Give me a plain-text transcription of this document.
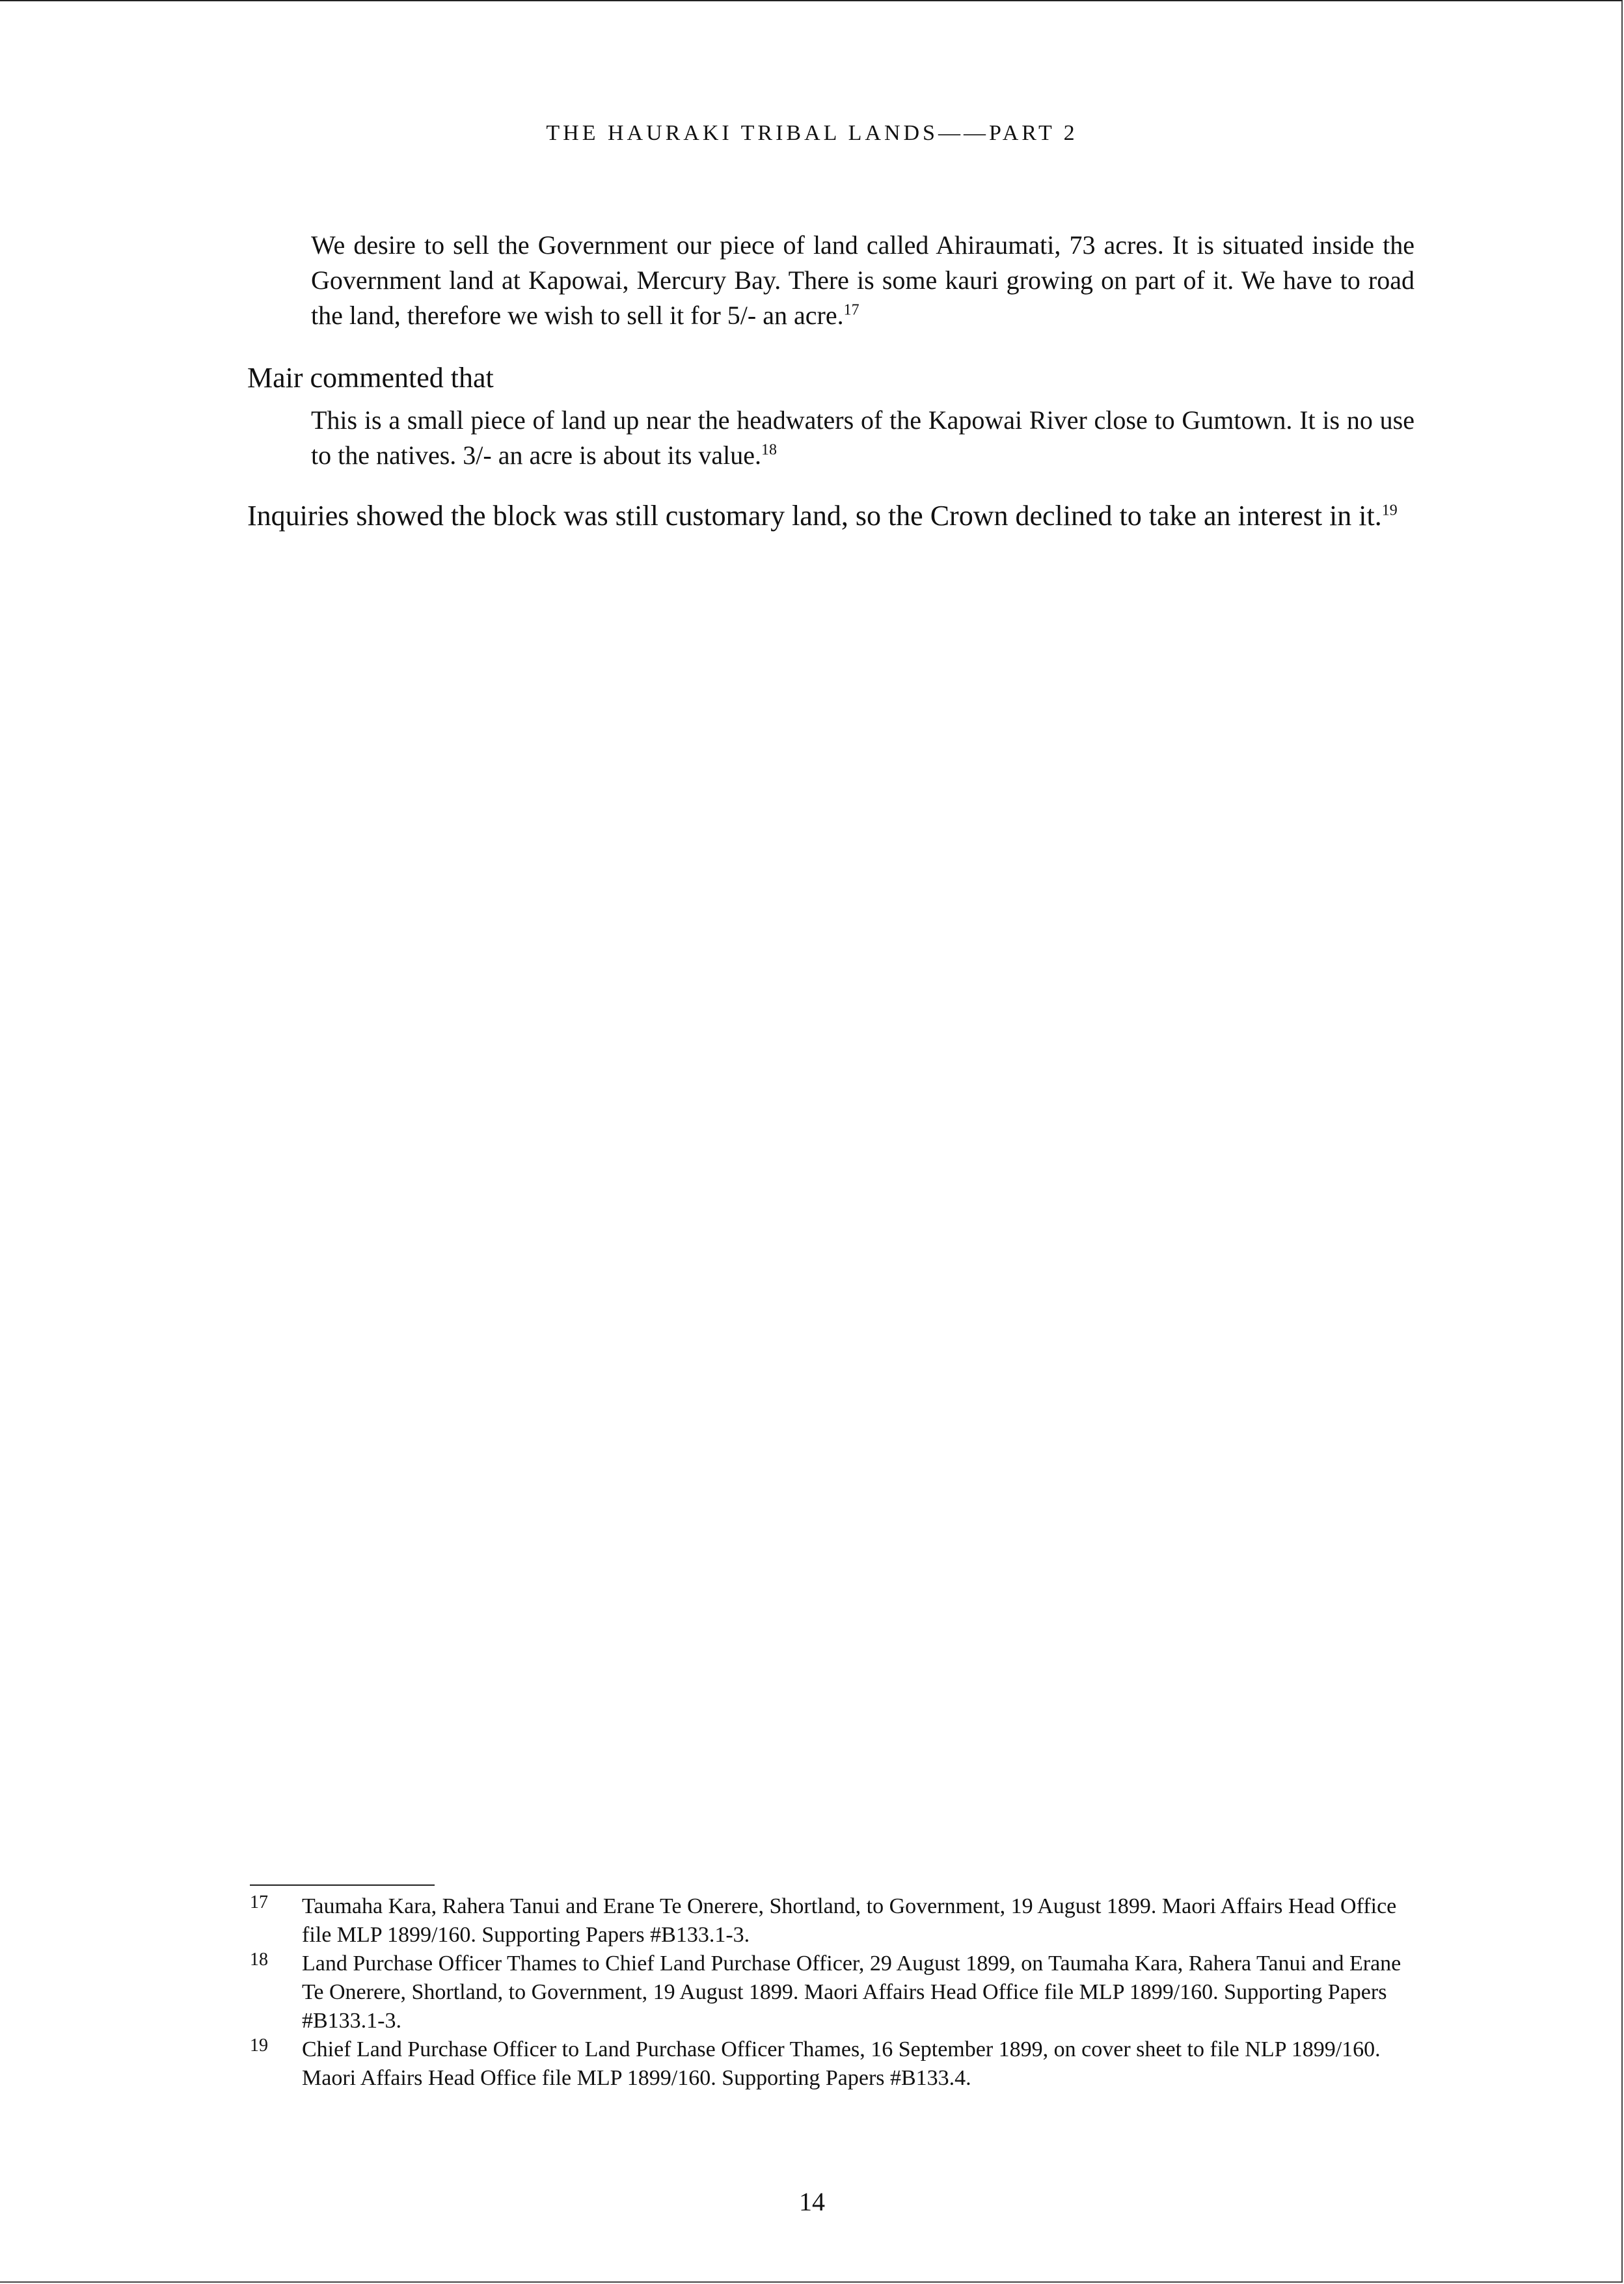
THE HAURAKI TRIBAL LANDS——PART 2
We desire to sell the Government our piece of land called Ahiraumati, 73 acres. It is situated inside the Government land at Kapowai, Mercury Bay. There is some kauri growing on part of it. We have to road the land, therefore we wish to sell it for 5/- an acre.$^{17}$
Mair commented that
This is a small piece of land up near the headwaters of the Kapowai River close to Gumtown. It is no use to the natives. 3/- an acre is about its value.$^{18}$
Inquiries showed the block was still customary land, so the Crown declined to take an interest in it.$^{19}$
17 Taumaha Kara, Rahera Tanui and Erane Te Onerere, Shortland, to Government, 19 August 1899. Maori Affairs Head Office file MLP 1899/160. Supporting Papers #B133.1-3.
18 Land Purchase Officer Thames to Chief Land Purchase Officer, 29 August 1899, on Taumaha Kara, Rahera Tanui and Erane Te Onerere, Shortland, to Government, 19 August 1899. Maori Affairs Head Office file MLP 1899/160. Supporting Papers #B133.1-3.
19 Chief Land Purchase Officer to Land Purchase Officer Thames, 16 September 1899, on cover sheet to file NLP 1899/160. Maori Affairs Head Office file MLP 1899/160. Supporting Papers #B133.4.
14
